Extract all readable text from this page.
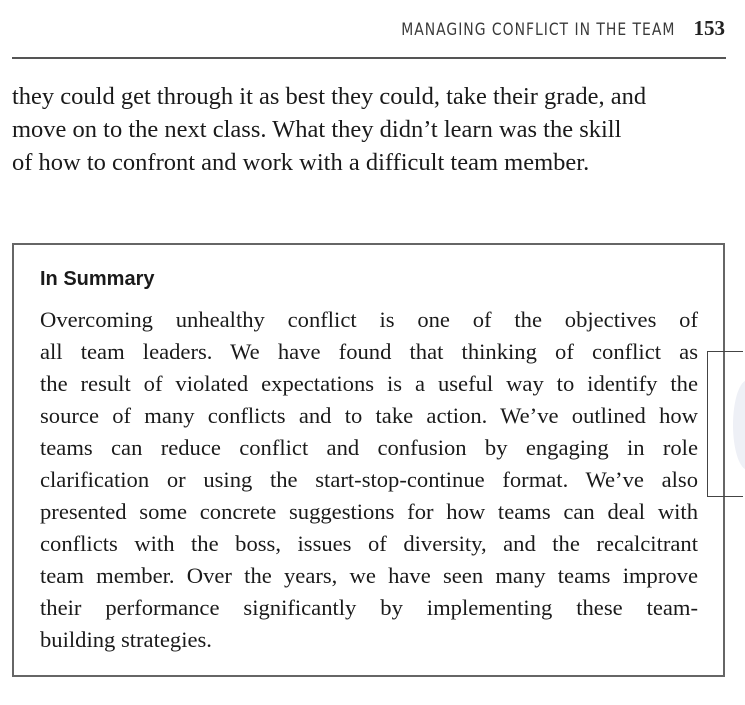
MANAGING CONFLICT IN THE TEAM 153

they could get through it as best they could, take their grade, and
move on to the next class. What they didn’t learn was the skill
of how to confront and work with a difficult team member.

In Summary

Overcoming unhealthy conflict is one of the objectives of
all team leaders. We have found that thinking of conflict as
the result of violated expectations is a useful way to identify the
source of many conflicts and to take action. We’ve outlined how
teams can reduce conflict and confusion by engaging in role
clarification or using the start-stop-continue format. We’ve also
presented some concrete suggestions for how teams can deal with
conflicts with the boss, issues of diversity, and the recalcitrant
team member. Over the years, we have seen many teams improve
their performance significantly by implementing these team-
building strategies.
